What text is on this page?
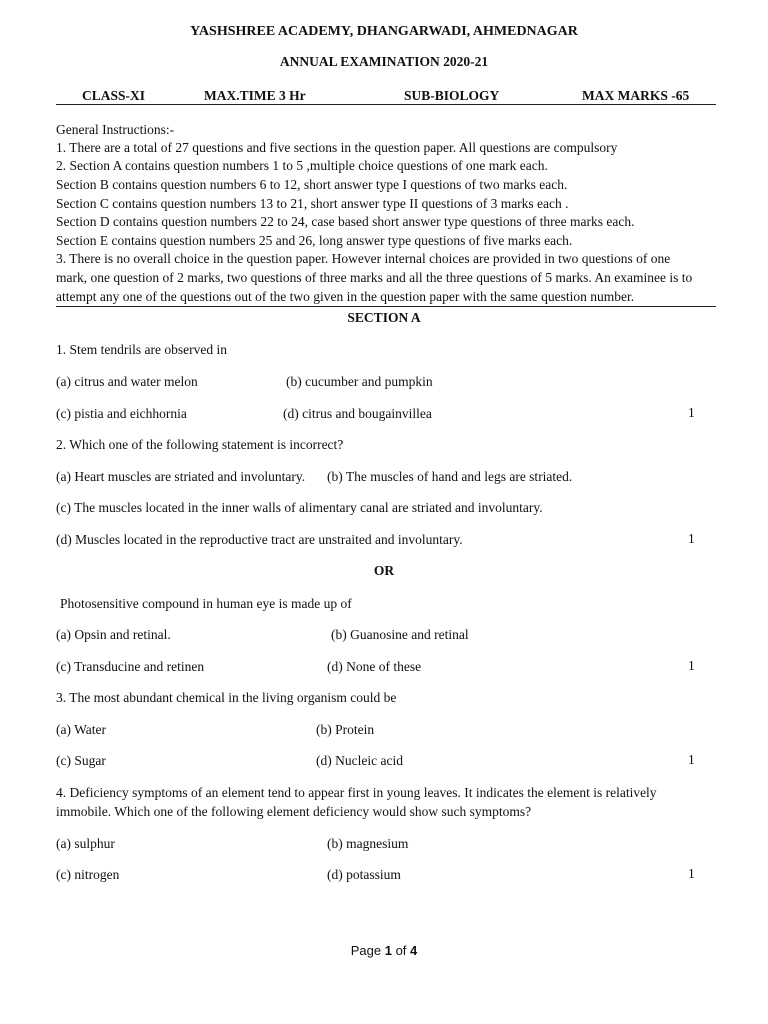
YASHSHREE ACADEMY, DHANGARWADI, AHMEDNAGAR
ANNUAL EXAMINATION 2020-21
CLASS-XI	MAX.TIME 3 Hr	SUB-BIOLOGY	MAX MARKS -65
General Instructions:-
1. There are a total of 27 questions and five sections in the question paper. All questions are compulsory
2. Section A contains question numbers 1 to 5 ,multiple choice questions of one mark each.
Section B contains question numbers 6 to 12, short answer type I questions of two marks each.
Section C contains question numbers 13 to 21, short answer type II questions of 3 marks each .
Section D contains question numbers 22 to 24, case based short answer type questions of three marks each.
Section E contains question numbers 25 and 26, long answer type questions of five marks each.
3. There is no overall choice in the question paper. However internal choices are provided in two questions of one
mark, one question of 2 marks, two questions of three marks and all the three questions of 5 marks. An examinee is to
attempt any one of the questions out of the two given in the question paper with the same question number.
SECTION A
1. Stem tendrils are observed in
(a) citrus and water melon	(b) cucumber and pumpkin
(c) pistia and eichhornia	(d) citrus and bougainvillea	1
2. Which one of the following statement is incorrect?
(a) Heart muscles are striated and involuntary. (b) The muscles of hand and legs are striated.
(c) The muscles located in the inner walls of alimentary canal are striated and involuntary.
(d) Muscles located in the reproductive tract are unstraited and involuntary.	1
OR
Photosensitive compound in human eye is made up of
(a) Opsin and retinal.	(b) Guanosine and retinal
(c) Transducine and retinen	(d) None of these	1
3. The most abundant chemical in the living organism could be
(a) Water	(b) Protein
(c) Sugar	(d) Nucleic acid	1
4. Deficiency symptoms of an element tend to appear first in young leaves. It indicates the element is relatively
immobile. Which one of the following element deficiency would show such symptoms?
(a) sulphur	(b) magnesium
(c) nitrogen	(d) potassium	1
Page 1 of 4
